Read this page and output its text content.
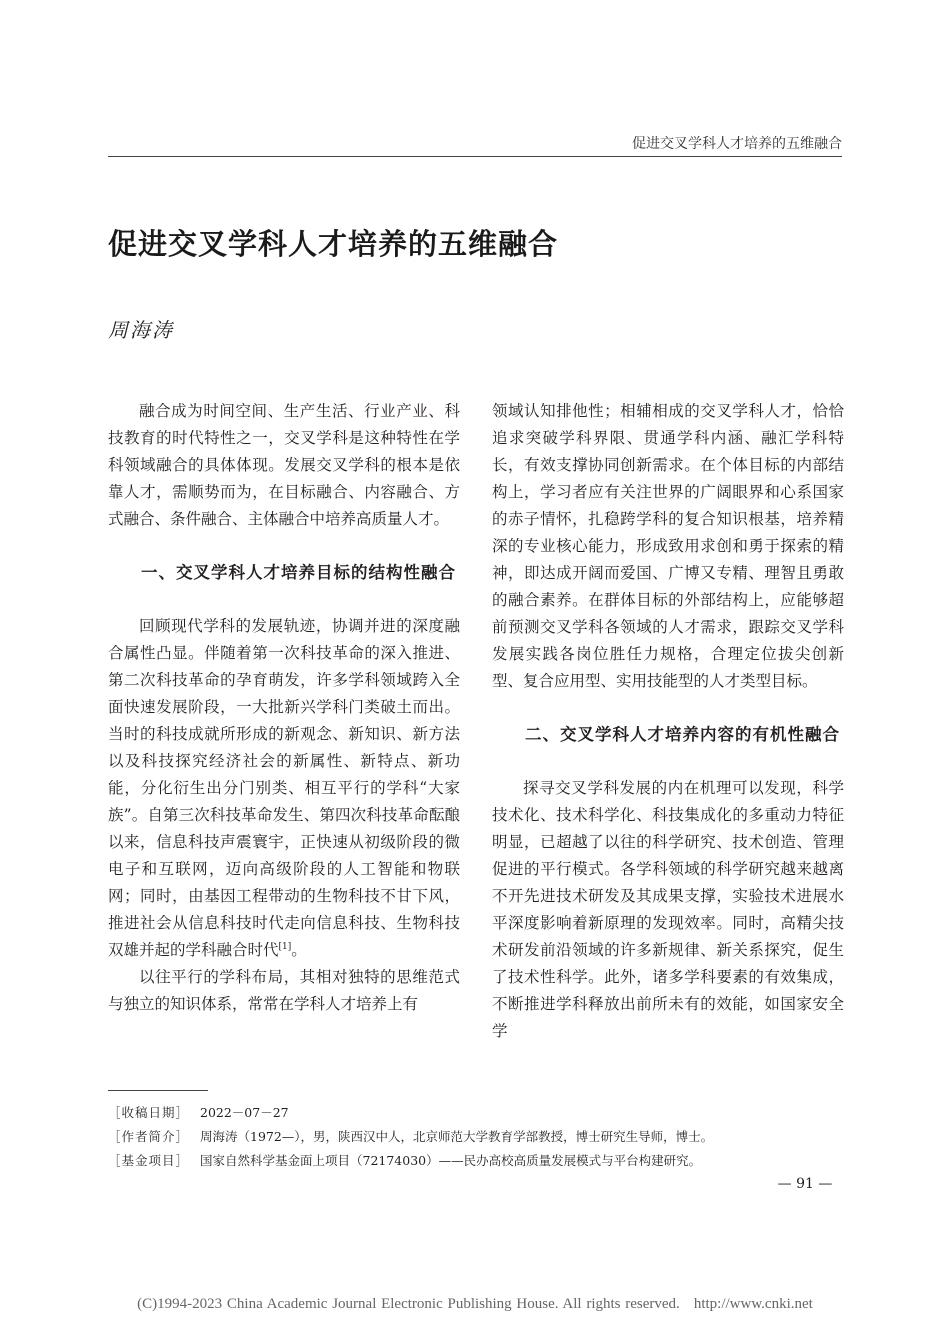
促进交叉学科人才培养的五维融合
促进交叉学科人才培养的五维融合
周海涛

融合成为时间空间、生产生活、行业产业、科技教育的时代特性之一，交叉学科是这种特性在学科领域融合的具体体现。发展交叉学科的根本是依靠人才，需顺势而为，在目标融合、内容融合、方式融合、条件融合、主体融合中培养高质量人才。

一、交叉学科人才培养目标的结构性融合

回顾现代学科的发展轨迹，协调并进的深度融合属性凸显。伴随着第一次科技革命的深入推进、第二次科技革命的孕育萌发，许多学科领域跨入全面快速发展阶段，一大批新兴学科门类破土而出。当时的科技成就所形成的新观念、新知识、新方法以及科技探究经济社会的新属性、新特点、新功能，分化衍生出分门别类、相互平行的学科“大家族”。自第三次科技革命发生、第四次科技革命酝酿以来，信息科技声震寰宇，正快速从初级阶段的微电子和互联网，迈向高级阶段的人工智能和物联网；同时，由基因工程带动的生物科技不甘下风，推进社会从信息科技时代走向信息科技、生物科技双雄并起的学科融合时代[1]。

以往平行的学科布局，其相对独特的思维范式与独立的知识体系，常常在学科人才培养上有

领域认知排他性；相辅相成的交叉学科人才，恰恰追求突破学科界限、贯通学科内涵、融汇学科特长，有效支撑协同创新需求。在个体目标的内部结构上，学习者应有关注世界的广阔眼界和心系国家的赤子情怀，扎稳跨学科的复合知识根基，培养精深的专业核心能力，形成致用求创和勇于探索的精神，即达成开阔而爱国、广博又专精、理智且勇敢的融合素养。在群体目标的外部结构上，应能够超前预测交叉学科各领域的人才需求，跟踪交叉学科发展实践各岗位胜任力规格，合理定位拔尖创新型、复合应用型、实用技能型的人才类型目标。

二、交叉学科人才培养内容的有机性融合

探寻交叉学科发展的内在机理可以发现，科学技术化、技术科学化、科技集成化的多重动力特征明显，已超越了以往的科学研究、技术创造、管理促进的平行模式。各学科领域的科学研究越来越离不开先进技术研发及其成果支撑，实验技术进展水平深度影响着新原理的发现效率。同时，高精尖技术研发前沿领域的许多新规律、新关系探究，促生了技术性科学。此外，诸多学科要素的有效集成，不断推进学科释放出前所未有的效能，如国家安全学

［收稿日期］ 2022－07－27
［作者简介］ 周海涛（1972—），男，陕西汉中人，北京师范大学教育学部教授，博士研究生导师，博士。
［基金项目］ 国家自然科学基金面上项目（72174030）——民办高校高质量发展模式与平台构建研究。
— 91 —
(C)1994-2023 China Academic Journal Electronic Publishing House. All rights reserved. http://www.cnki.net
